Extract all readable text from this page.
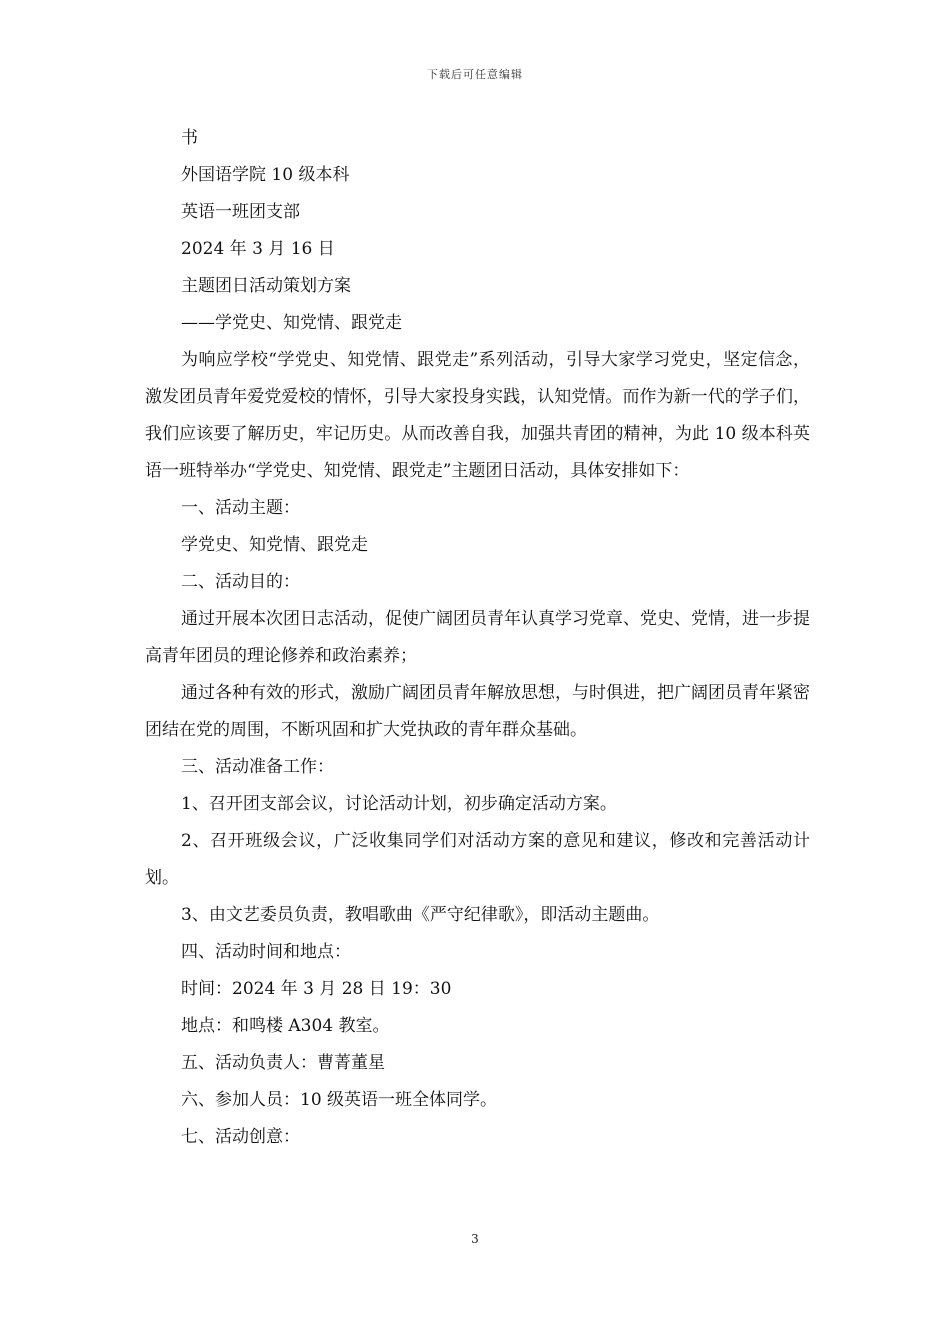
下载后可任意编辑
书
外国语学院 10 级本科
英语一班团支部
2024 年 3 月 16 日
主题团日活动策划方案
——学党史、知党情、跟党走

为响应学校“学党史、知党情、跟党走”系列活动，引导大家学习党史，坚定信念，激发团员青年爱党爱校的情怀，引导大家投身实践，认知党情。而作为新一代的学子们，我们应该要了解历史，牢记历史。从而改善自我，加强共青团的精神，为此 10 级本科英语一班特举办“学党史、知党情、跟党走”主题团日活动，具体安排如下：

一、活动主题：
学党史、知党情、跟党走
二、活动目的：

通过开展本次团日志活动，促使广阔团员青年认真学习党章、党史、党情，进一步提高青年团员的理论修养和政治素养；

通过各种有效的形式，激励广阔团员青年解放思想，与时俱进，把广阔团员青年紧密团结在党的周围，不断巩固和扩大党执政的青年群众基础。

三、活动准备工作：
1、召开团支部会议，讨论活动计划，初步确定活动方案。

2、召开班级会议，广泛收集同学们对活动方案的意见和建议，修改和完善活动计划。

3、由文艺委员负责，教唱歌曲《严守纪律歌》，即活动主题曲。
四、活动时间和地点：
时间：2024 年 3 月 28 日 19：30
地点：和鸣楼 A304 教室。
五、活动负责人：曹菁董星
六、参加人员：10 级英语一班全体同学。
七、活动创意：
3
